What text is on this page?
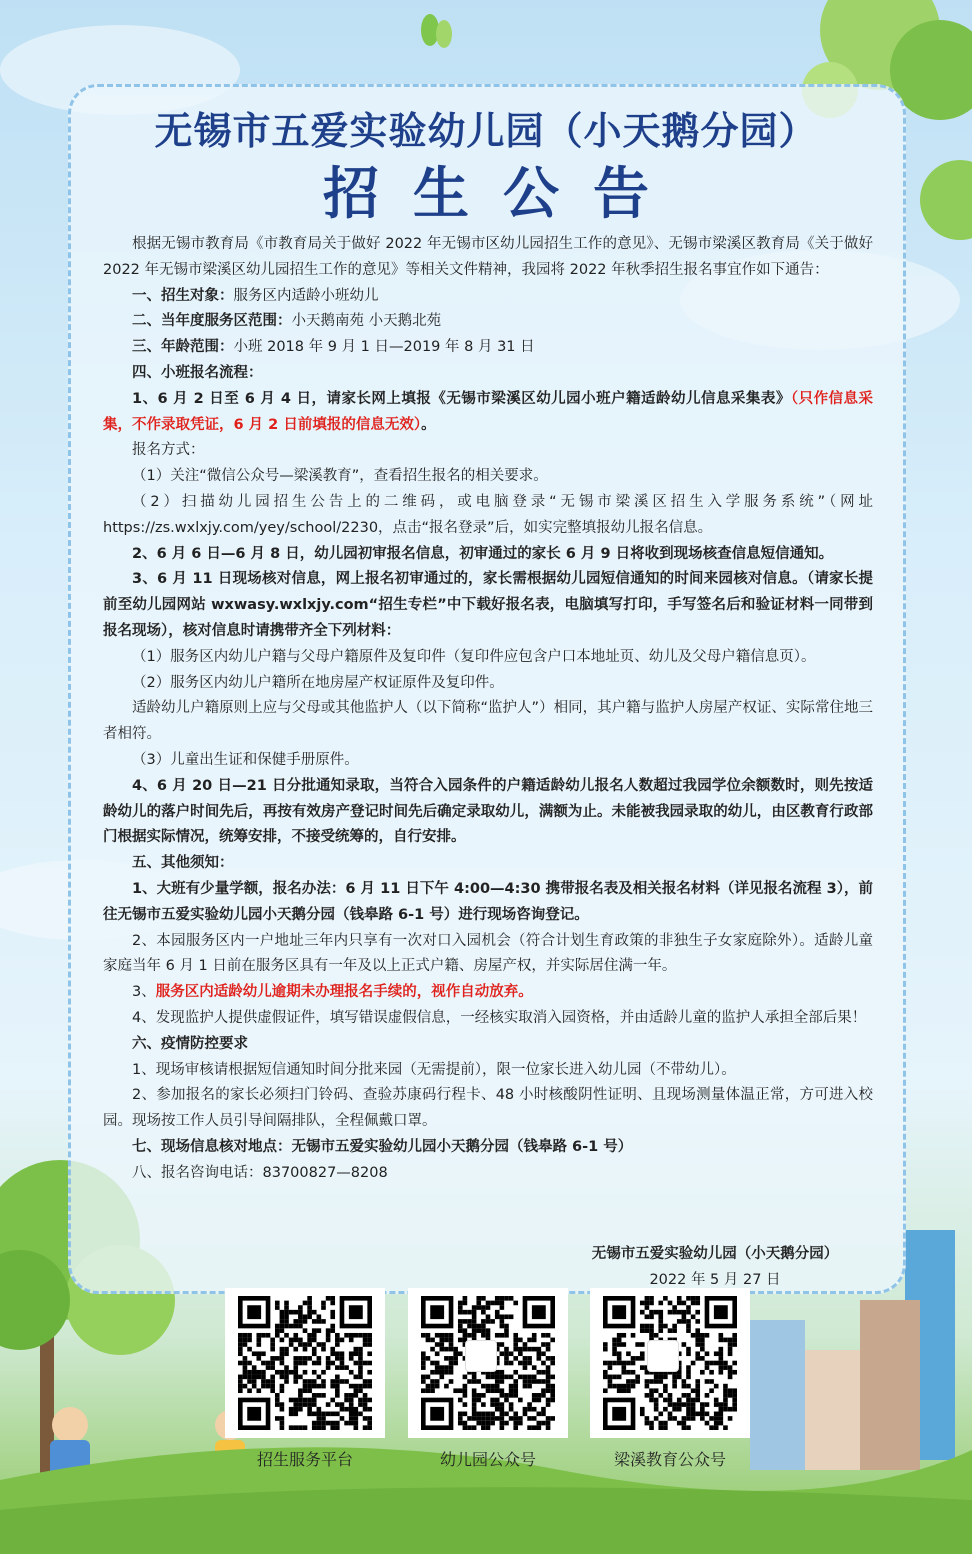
无锡市五爱实验幼儿园（小天鹅分园）
招生公告

根据无锡市教育局《市教育局关于做好 2022 年无锡市区幼儿园招生工作的意见》、无锡市梁溪区教育局《关于做好 2022 年无锡市梁溪区幼儿园招生工作的意见》等相关文件精神，我园将 2022 年秋季招生报名事宜作如下通告：

一、招生对象：服务区内适龄小班幼儿

二、当年度服务区范围：小天鹅南苑 小天鹅北苑

三、年龄范围：小班 2018 年 9 月 1 日—2019 年 8 月 31 日

四、小班报名流程：

1、6 月 2 日至 6 月 4 日，请家长网上填报《无锡市梁溪区幼儿园小班户籍适龄幼儿信息采集表》（只作信息采集，不作录取凭证，6 月 2 日前填报的信息无效）。

报名方式：

（1）关注“微信公众号—梁溪教育”，查看招生报名的相关要求。

（2）扫描幼儿园招生公告上的二维码，或电脑登录“无锡市梁溪区招生入学服务系统”（网址 https://zs.wxlxjy.com/yey/school/2230，点击“报名登录”后，如实完整填报幼儿报名信息。

2、6 月 6 日—6 月 8 日，幼儿园初审报名信息，初审通过的家长 6 月 9 日将收到现场核查信息短信通知。

3、6 月 11 日现场核对信息，网上报名初审通过的，家长需根据幼儿园短信通知的时间来园核对信息。（请家长提前至幼儿园网站 wxwasy.wxlxjy.com“招生专栏”中下载好报名表，电脑填写打印，手写签名后和验证材料一同带到报名现场），核对信息时请携带齐全下列材料：

（1）服务区内幼儿户籍与父母户籍原件及复印件（复印件应包含户口本地址页、幼儿及父母户籍信息页）。

（2）服务区内幼儿户籍所在地房屋产权证原件及复印件。

适龄幼儿户籍原则上应与父母或其他监护人（以下简称“监护人”）相同，其户籍与监护人房屋产权证、实际常住地三者相符。

（3）儿童出生证和保健手册原件。

4、6 月 20 日—21 日分批通知录取，当符合入园条件的户籍适龄幼儿报名人数超过我园学位余额数时，则先按适龄幼儿的落户时间先后，再按有效房产登记时间先后确定录取幼儿，满额为止。未能被我园录取的幼儿，由区教育行政部门根据实际情况，统筹安排，不接受统筹的，自行安排。

五、其他须知：

1、大班有少量学额，报名办法：6 月 11 日下午 4:00—4:30 携带报名表及相关报名材料（详见报名流程 3），前往无锡市五爱实验幼儿园小天鹅分园（钱皋路 6-1 号）进行现场咨询登记。

2、本园服务区内一户地址三年内只享有一次对口入园机会（符合计划生育政策的非独生子女家庭除外）。适龄儿童家庭当年 6 月 1 日前在服务区具有一年及以上正式户籍、房屋产权，并实际居住满一年。

3、服务区内适龄幼儿逾期未办理报名手续的，视作自动放弃。

4、发现监护人提供虚假证件，填写错误虚假信息，一经核实取消入园资格，并由适龄儿童的监护人承担全部后果！

六、疫情防控要求

1、现场审核请根据短信通知时间分批来园（无需提前），限一位家长进入幼儿园（不带幼儿）。

2、参加报名的家长必须扫门铃码、查验苏康码行程卡、48 小时核酸阴性证明、且现场测量体温正常，方可进入校园。现场按工作人员引导间隔排队，全程佩戴口罩。

七、现场信息核对地点：无锡市五爱实验幼儿园小天鹅分园（钱皋路 6-1 号）

八、报名咨询电话：83700827—8208

无锡市五爱实验幼儿园（小天鹅分园）
2022 年 5 月 27 日
招生服务平台	幼儿园公众号	梁溪教育公众号
